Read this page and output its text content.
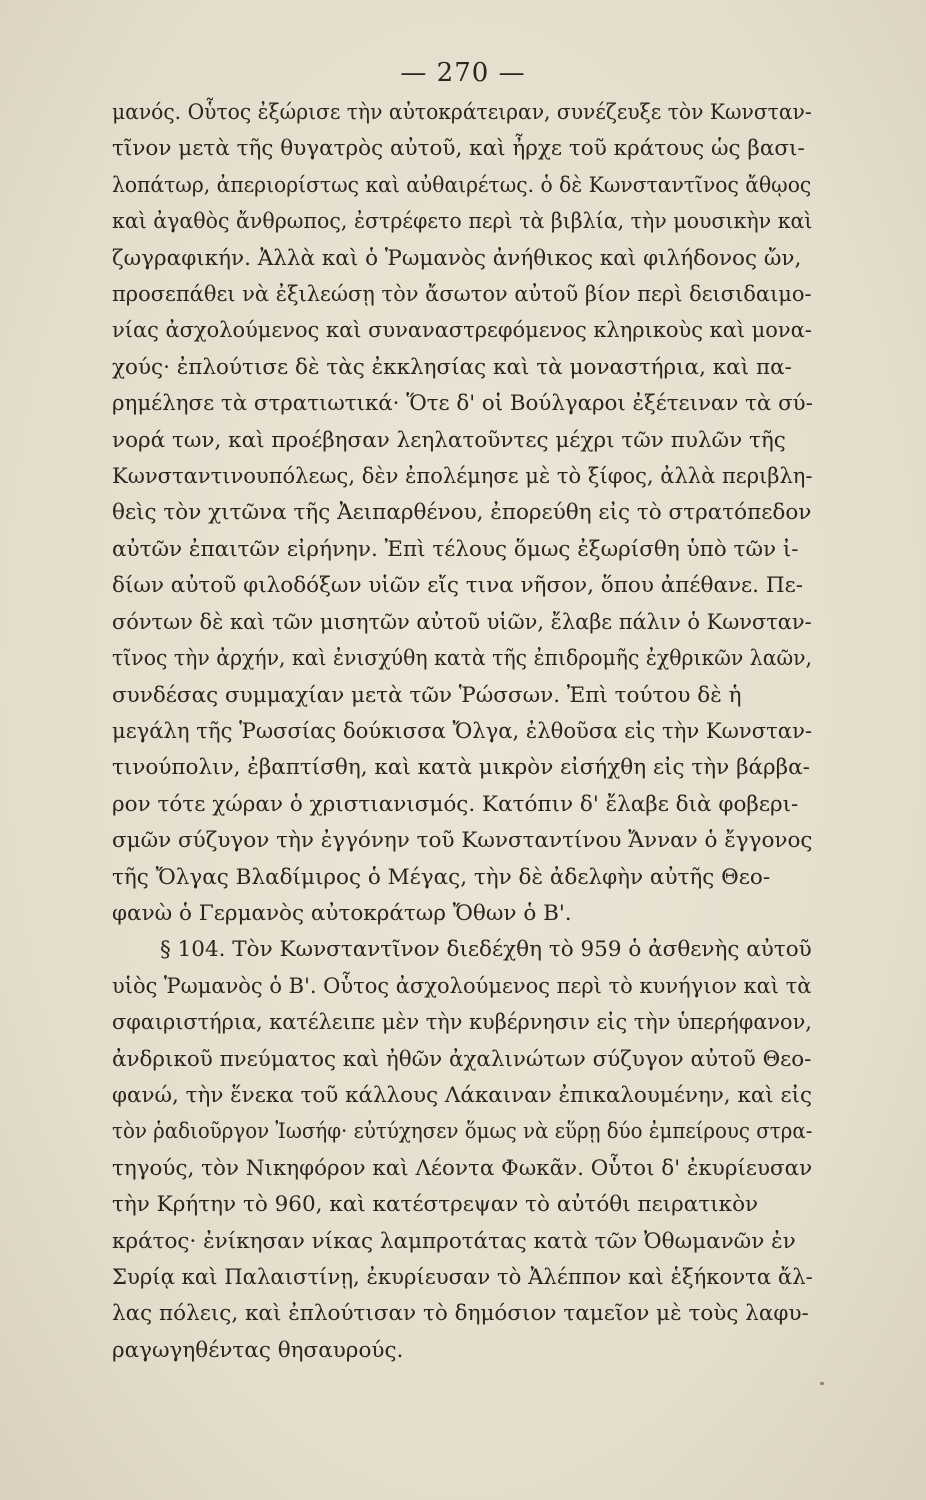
— 270 —
μανός. Οὗτος ἐξώρισε τὴν αὐτοκράτειραν, συνέζευξε τὸν Κωνσταν-
τῖνον μετὰ τῆς θυγατρὸς αὐτοῦ, καὶ ἦρχε τοῦ κράτους ὡς βασι-
λοπάτωρ, ἀπεριορίστως καὶ αὐθαιρέτως. ὁ δὲ Κωνσταντῖνος ἄθῳος
καὶ ἀγαθὸς ἄνθρωπος, ἐστρέφετο περὶ τὰ βιβλία, τὴν μουσικὴν καὶ
ζωγραφικήν. Ἀλλὰ καὶ ὁ Ῥωμανὸς ἀνήθικος καὶ φιλήδονος ὤν,
προσεπάθει νὰ ἐξιλεώσῃ τὸν ἄσωτον αὐτοῦ βίον περὶ δεισιδαιμο-
νίας ἀσχολούμενος καὶ συναναστρεφόμενος κληρικοὺς καὶ μονα-
χούς· ἐπλούτισε δὲ τὰς ἐκκλησίας καὶ τὰ μοναστήρια, καὶ πα-
ρημέλησε τὰ στρατιωτικά· Ὅτε δ' οἱ Βούλγαροι ἐξέτειναν τὰ σύ-
νορά των, καὶ προέβησαν λεηλατοῦντες μέχρι τῶν πυλῶν τῆς
Κωνσταντινουπόλεως, δὲν ἐπολέμησε μὲ τὸ ξίφος, ἀλλὰ περιβλη-
θεὶς τὸν χιτῶνα τῆς Ἀειπαρθένου, ἐπορεύθη εἰς τὸ στρατόπεδον
αὐτῶν ἐπαιτῶν εἰρήνην. Ἐπὶ τέλους ὅμως ἐξωρίσθη ὑπὸ τῶν ἰ-
δίων αὐτοῦ φιλοδόξων υἱῶν εἴς τινα νῆσον, ὅπου ἀπέθανε. Πε-
σόντων δὲ καὶ τῶν μισητῶν αὐτοῦ υἱῶν, ἔλαβε πάλιν ὁ Κωνσταν-
τῖνος τὴν ἀρχήν, καὶ ἐνισχύθη κατὰ τῆς ἐπιδρομῆς ἐχθρικῶν λαῶν,
συνδέσας συμμαχίαν μετὰ τῶν Ῥώσσων. Ἐπὶ τούτου δὲ ἡ
μεγάλη τῆς Ῥωσσίας δούκισσα Ὄλγα, ἐλθοῦσα εἰς τὴν Κωνσταν-
τινούπολιν, ἐβαπτίσθη, καὶ κατὰ μικρὸν εἰσήχθη εἰς τὴν βάρβα-
ρον τότε χώραν ὁ χριστιανισμός. Κατόπιν δ' ἔλαβε διὰ φοβερι-
σμῶν σύζυγον τὴν ἐγγόνην τοῦ Κωνσταντίνου Ἄνναν ὁ ἔγγονος
τῆς Ὄλγας Βλαδίμιρος ὁ Μέγας, τὴν δὲ ἀδελφὴν αὐτῆς Θεο-
φανὼ ὁ Γερμανὸς αὐτοκράτωρ Ὄθων ὁ Β'.
§ 104. Τὸν Κωνσταντῖνον διεδέχθη τὸ 959 ὁ ἀσθενὴς αὐτοῦ
υἱὸς Ῥωμανὸς ὁ Β'. Οὗτος ἀσχολούμενος περὶ τὸ κυνήγιον καὶ τὰ
σφαιριστήρια, κατέλειπε μὲν τὴν κυβέρνησιν εἰς τὴν ὑπερήφανον,
ἀνδρικοῦ πνεύματος καὶ ἠθῶν ἀχαλινώτων σύζυγον αὐτοῦ Θεο-
φανώ, τὴν ἕνεκα τοῦ κάλλους Λάκαιναν ἐπικαλουμένην, καὶ εἰς
τὸν ῥαδιοῦργον Ἰωσήφ· εὐτύχησεν ὅμως νὰ εὕρῃ δύο ἐμπείρους στρα-
τηγούς, τὸν Νικηφόρον καὶ Λέοντα Φωκᾶν. Οὗτοι δ' ἐκυρίευσαν
τὴν Κρήτην τὸ 960, καὶ κατέστρεψαν τὸ αὐτόθι πειρατικὸν
κράτος· ἐνίκησαν νίκας λαμπροτάτας κατὰ τῶν Ὀθωμανῶν ἐν
Συρίᾳ καὶ Παλαιστίνῃ, ἐκυρίευσαν τὸ Ἀλέππον καὶ ἑξήκοντα ἄλ-
λας πόλεις, καὶ ἐπλούτισαν τὸ δημόσιον ταμεῖον μὲ τοὺς λαφυ-
ραγωγηθέντας θησαυρούς.
